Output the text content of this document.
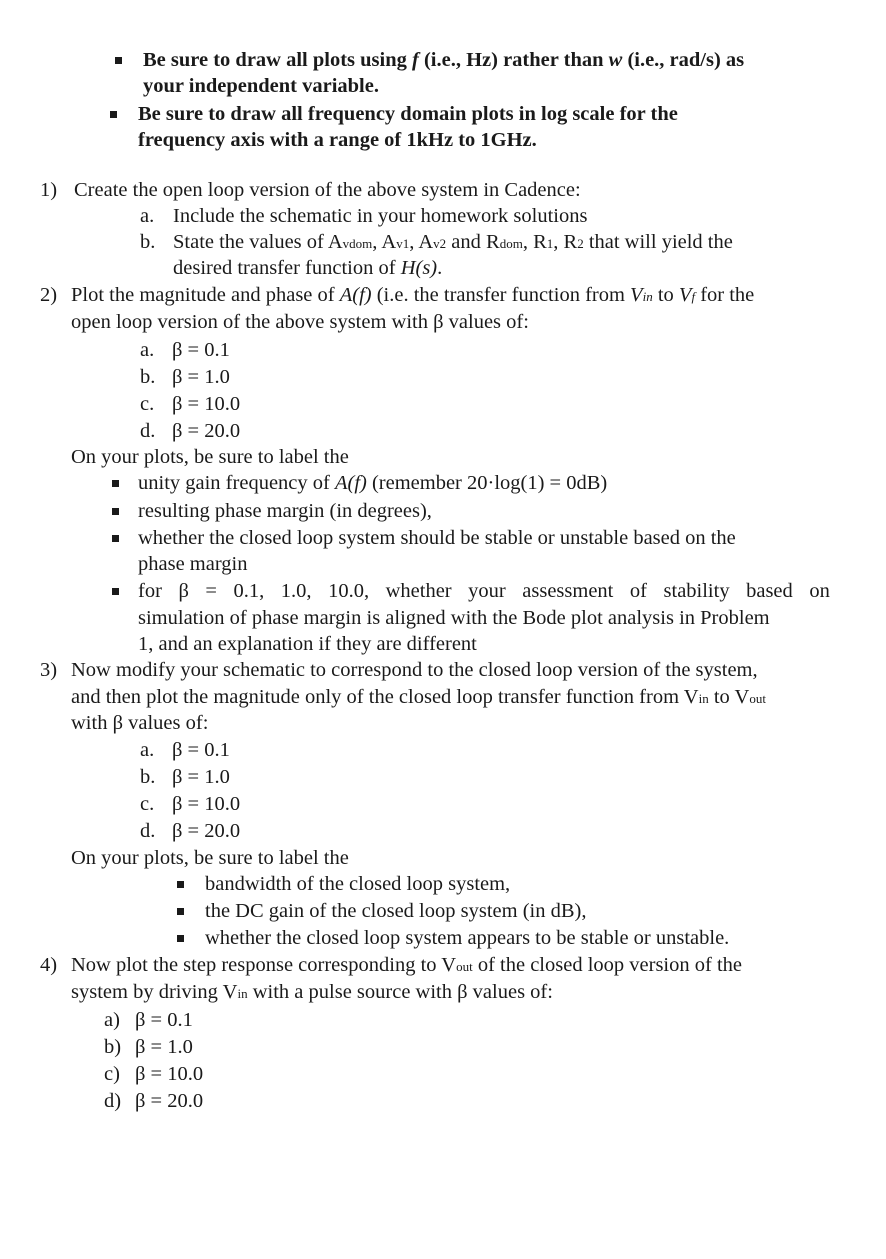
Be sure to draw all plots using f (i.e., Hz) rather than w (i.e., rad/s) as
your independent variable.
Be sure to draw all frequency domain plots in log scale for the
frequency axis with a range of 1kHz to 1GHz.
1) Create the open loop version of the above system in Cadence:
a. Include the schematic in your homework solutions
b. State the values of Avdom, Av1, Av2 and Rdom, R1, R2 that will yield the
desired transfer function of H(s).
2) Plot the magnitude and phase of A(f) (i.e. the transfer function from Vin to Vf for the
open loop version of the above system with β values of:
a. β = 0.1
b. β = 1.0
c. β = 10.0
d. β = 20.0
On your plots, be sure to label the
unity gain frequency of A(f) (remember 20·log(1) = 0dB)
resulting phase margin (in degrees),
whether the closed loop system should be stable or unstable based on the
phase margin
for β = 0.1, 1.0, 10.0, whether your assessment of stability based on
simulation of phase margin is aligned with the Bode plot analysis in Problem
1, and an explanation if they are different
3) Now modify your schematic to correspond to the closed loop version of the system,
and then plot the magnitude only of the closed loop transfer function from Vin to Vout
with β values of:
a. β = 0.1
b. β = 1.0
c. β = 10.0
d. β = 20.0
On your plots, be sure to label the
bandwidth of the closed loop system,
the DC gain of the closed loop system (in dB),
whether the closed loop system appears to be stable or unstable.
4) Now plot the step response corresponding to Vout of the closed loop version of the
system by driving Vin with a pulse source with β values of:
a) β = 0.1
b) β = 1.0
c) β = 10.0
d) β = 20.0
